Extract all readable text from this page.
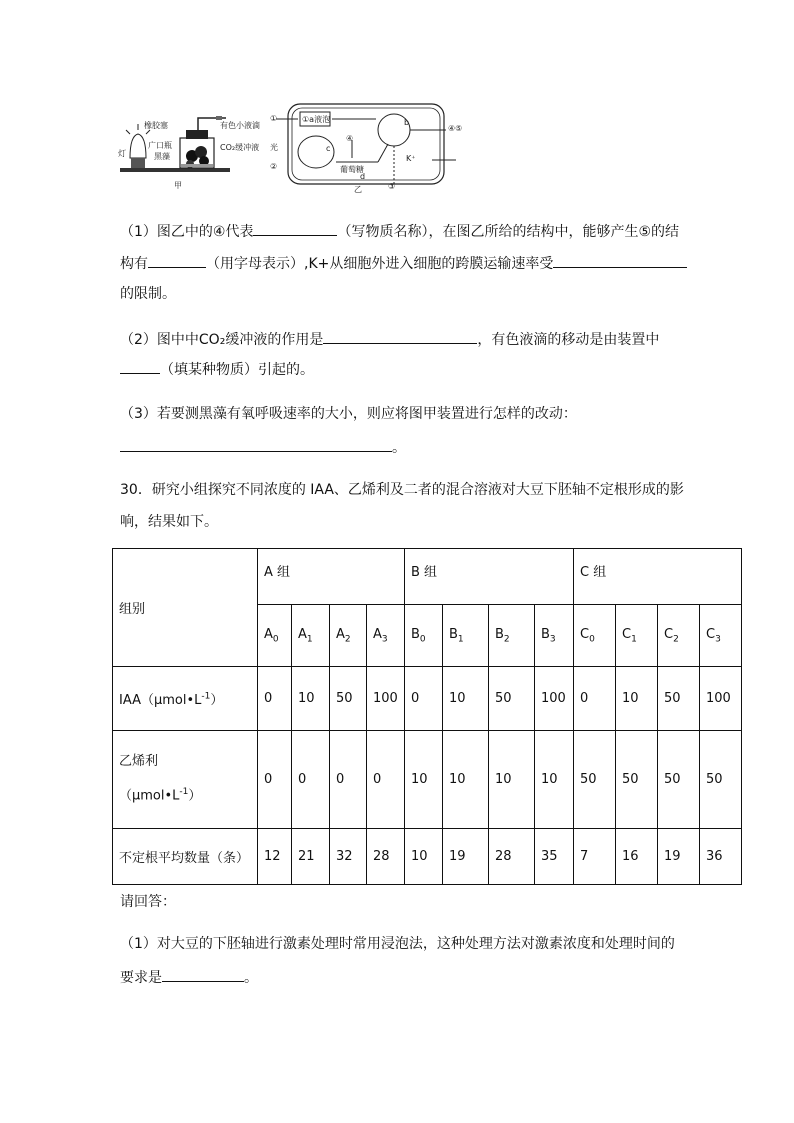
橡胶塞	有色小液滴
广口瓶
黑藻
CO₂缓冲液
灯
甲
①
光
②
①a液泡
④
c
葡萄糖
b
④⑤
K⁺
d
③
乙
（1）图乙中的④代表	（写物质名称），在图乙所给的结构中，能够产生⑤的结
构有	（用字母表示）,K+从细胞外进入细胞的跨膜运输速率受
的限制。
（2）图中中CO₂缓冲液的作用是	，有色液滴的移动是由装置中
（填某种物质）引起的。
（3）若要测黑藻有氧呼吸速率的大小，则应将图甲装置进行怎样的改动：
。
30．研究小组探究不同浓度的 IAA、乙烯利及二者的混合溶液对大豆下胚轴不定根形成的影
响，结果如下。
组别	A 组				B 组				C 组			
	$A_0$	$A_1$	$A_2$	$A_3$	$B_0$	$B_1$	$B_2$	$B_3$	$C_0$	$C_1$	$C_2$	$C_3$
$IAA(\mu mol•L^{-1})$	0	10	50	100	0	10	50	100	0	10	50	100

乙烯利
$(\mu mol•L^{-1})$	0	0	0	0	10	10	10	10	50	50	50	50
不定根平均数量（条）	12	21	32	28	10	19	28	35	7	16	19	36
请回答：
（1）对大豆的下胚轴进行激素处理时常用浸泡法，这种处理方法对激素浓度和处理时间的
要求是	。
